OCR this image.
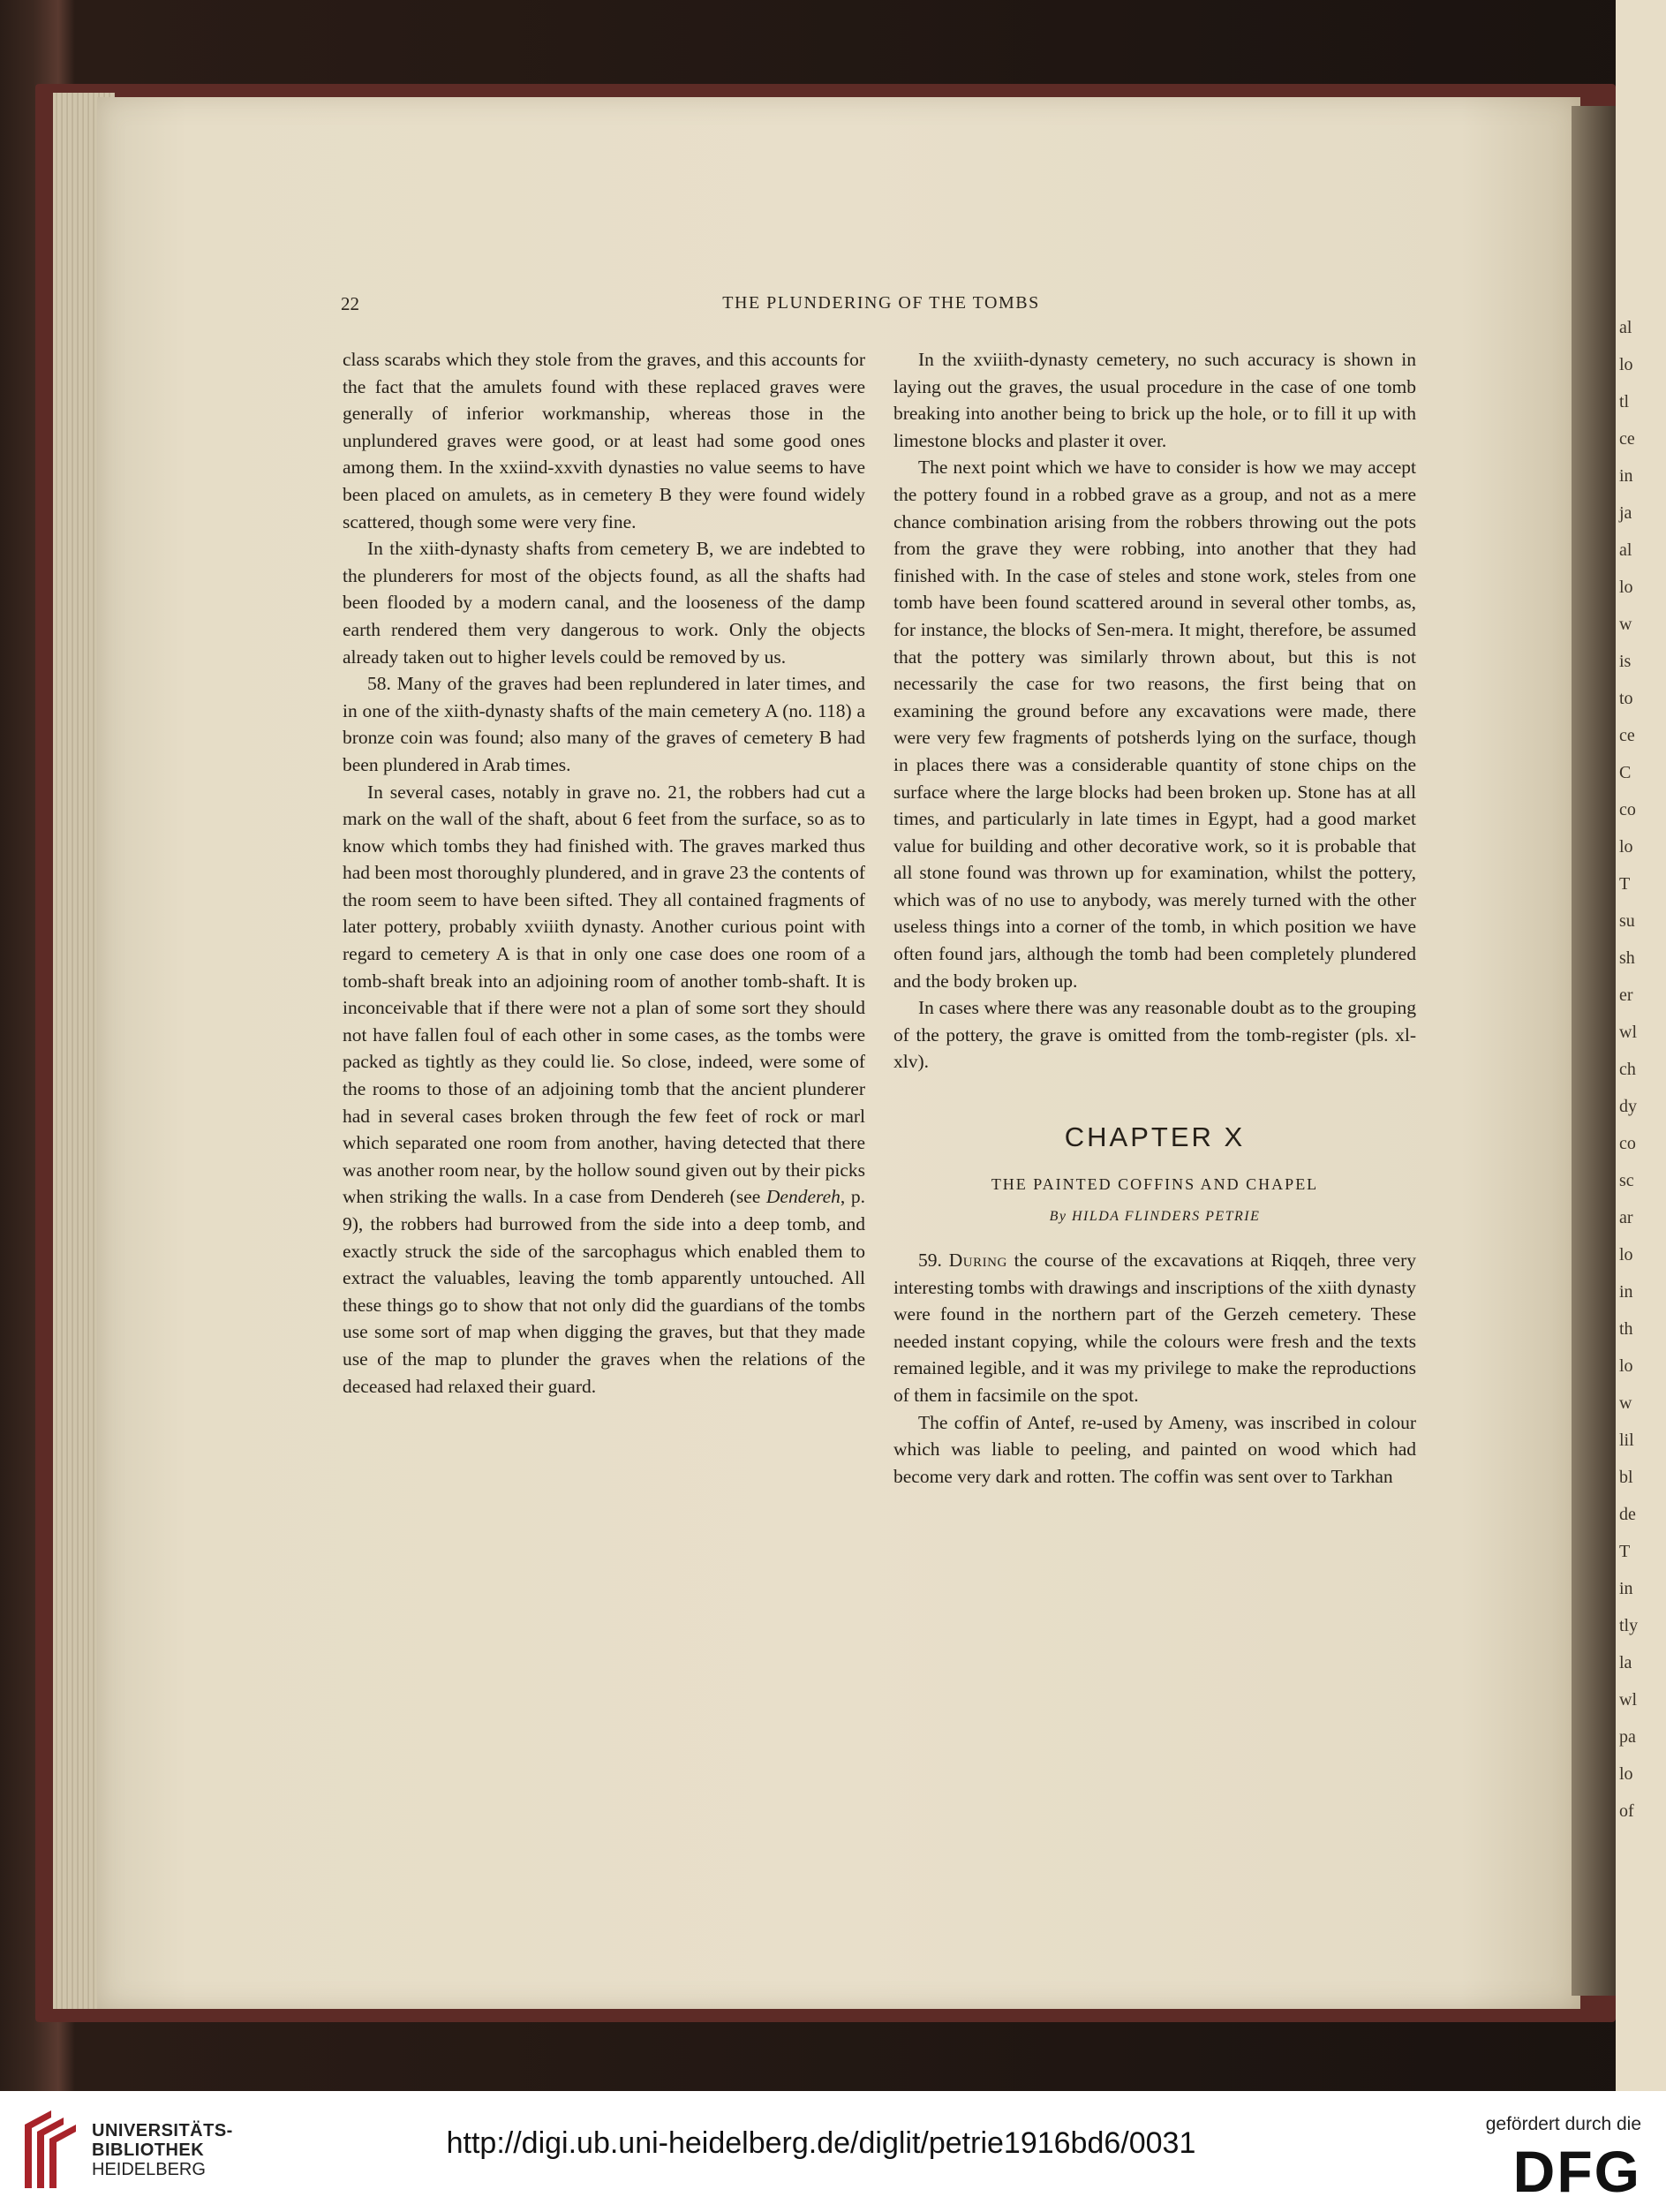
al
lo
tl
ce
in
ja
al
lo
w
is
to
ce
C
co
lo
T
su
sh
er
wl
ch
dy
co
sc
ar
lo
in
th
lo
w
lil
bl
de
T
in
tly
la
wl
pa
lo
of
22	THE PLUNDERING OF THE TOMBS

class scarabs which they stole from the graves, and this accounts for the fact that the amulets found with these replaced graves were generally of inferior workmanship, whereas those in the unplundered graves were good, or at least had some good ones among them. In the xxiind-xxvith dynasties no value seems to have been placed on amulets, as in cemetery B they were found widely scattered, though some were very fine.

In the xiith-dynasty shafts from cemetery B, we are indebted to the plunderers for most of the objects found, as all the shafts had been flooded by a modern canal, and the looseness of the damp earth rendered them very dangerous to work. Only the objects already taken out to higher levels could be removed by us.

58. Many of the graves had been replundered in later times, and in one of the xiith-dynasty shafts of the main cemetery A (no. 118) a bronze coin was found; also many of the graves of cemetery B had been plundered in Arab times.

In several cases, notably in grave no. 21, the robbers had cut a mark on the wall of the shaft, about 6 feet from the surface, so as to know which tombs they had finished with. The graves marked thus had been most thoroughly plundered, and in grave 23 the contents of the room seem to have been sifted. They all contained fragments of later pottery, probably xviiith dynasty. Another curious point with regard to cemetery A is that in only one case does one room of a tomb-shaft break into an adjoining room of another tomb-shaft. It is inconceivable that if there were not a plan of some sort they should not have fallen foul of each other in some cases, as the tombs were packed as tightly as they could lie. So close, indeed, were some of the rooms to those of an adjoining tomb that the ancient plunderer had in several cases broken through the few feet of rock or marl which separated one room from another, having detected that there was another room near, by the hollow sound given out by their picks when striking the walls. In a case from Dendereh (see Dendereh, p. 9), the robbers had burrowed from the side into a deep tomb, and exactly struck the side of the sarcophagus which enabled them to extract the valuables, leaving the tomb apparently untouched. All these things go to show that not only did the guardians of the tombs use some sort of map when digging the graves, but that they made use of the map to plunder the graves when the relations of the deceased had relaxed their guard.

In the xviiith-dynasty cemetery, no such accuracy is shown in laying out the graves, the usual procedure in the case of one tomb breaking into another being to brick up the hole, or to fill it up with limestone blocks and plaster it over.

The next point which we have to consider is how we may accept the pottery found in a robbed grave as a group, and not as a mere chance combination arising from the robbers throwing out the pots from the grave they were robbing, into another that they had finished with. In the case of steles and stone work, steles from one tomb have been found scattered around in several other tombs, as, for instance, the blocks of Sen-mera. It might, therefore, be assumed that the pottery was similarly thrown about, but this is not necessarily the case for two reasons, the first being that on examining the ground before any excavations were made, there were very few fragments of potsherds lying on the surface, though in places there was a considerable quantity of stone chips on the surface where the large blocks had been broken up. Stone has at all times, and particularly in late times in Egypt, had a good market value for building and other decorative work, so it is probable that all stone found was thrown up for examination, whilst the pottery, which was of no use to anybody, was merely turned with the other useless things into a corner of the tomb, in which position we have often found jars, although the tomb had been completely plundered and the body broken up.

In cases where there was any reasonable doubt as to the grouping of the pottery, the grave is omitted from the tomb-register (pls. xl-xlv).

CHAPTER X
THE PAINTED COFFINS AND CHAPEL
By HILDA FLINDERS PETRIE

59. During the course of the excavations at Riqqeh, three very interesting tombs with drawings and inscriptions of the xiith dynasty were found in the northern part of the Gerzeh cemetery. These needed instant copying, while the colours were fresh and the texts remained legible, and it was my privilege to make the reproductions of them in facsimile on the spot.

The coffin of Antef, re-used by Ameny, was inscribed in colour which was liable to peeling, and painted on wood which had become very dark and rotten. The coffin was sent over to Tarkhan

UNIVERSITÄTS-
BIBLIOTHEK
HEIDELBERG
http://digi.ub.uni-heidelberg.de/diglit/petrie1916bd6/0031
gefördert durch die
DFG
